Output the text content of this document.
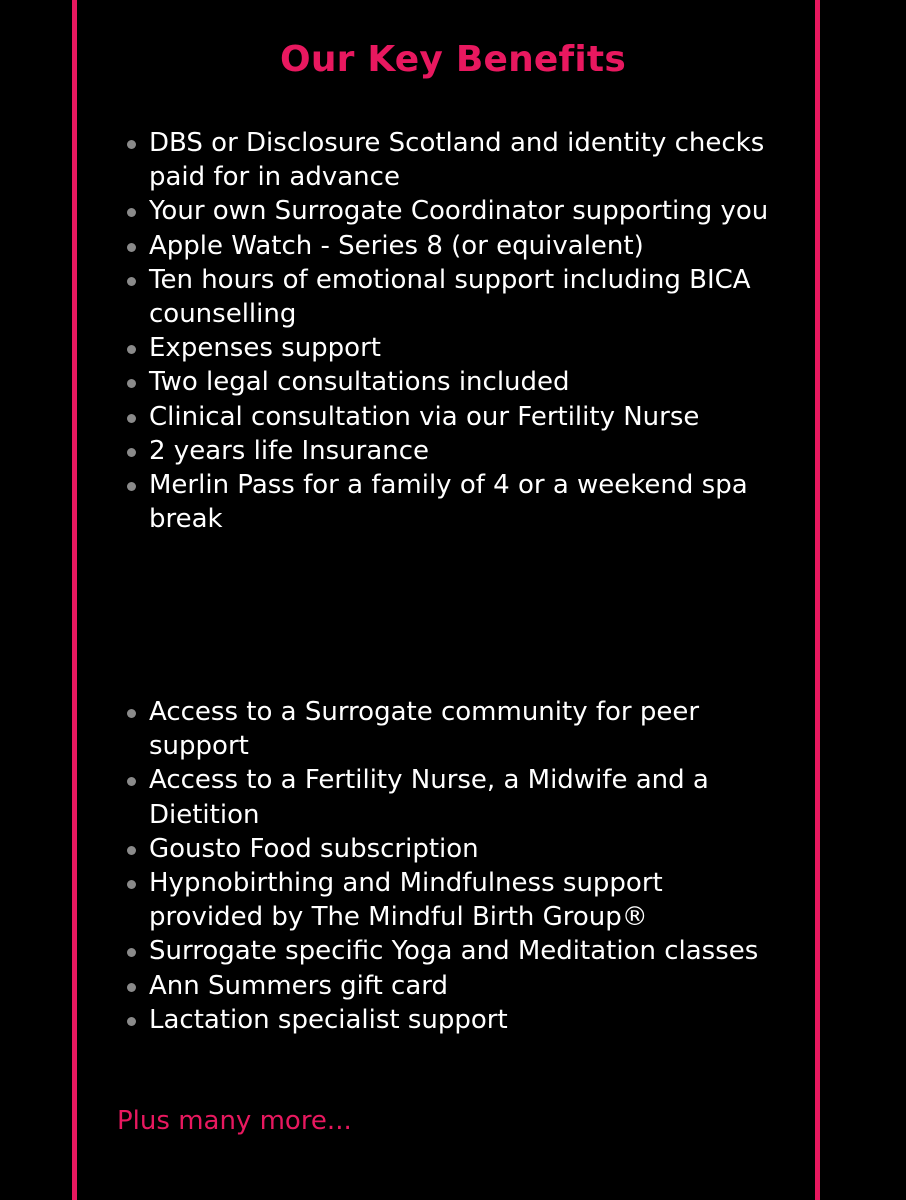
Our Key Benefits
DBS or Disclosure Scotland and identity checks paid for in advance
Your own Surrogate Coordinator supporting you
Apple Watch - Series 8 (or equivalent)
Ten hours of emotional support including BICA counselling
Expenses support
Two legal consultations included
Clinical consultation via our Fertility Nurse
2 years life Insurance
Merlin Pass for a family of 4 or a weekend spa break
Access to a Surrogate community for peer support
Access to a Fertility Nurse, a Midwife and a Dietition
Gousto Food subscription
Hypnobirthing and Mindfulness support provided by The Mindful Birth Group®
Surrogate specific Yoga and Meditation classes
Ann Summers gift card
Lactation specialist support
Plus many more...
